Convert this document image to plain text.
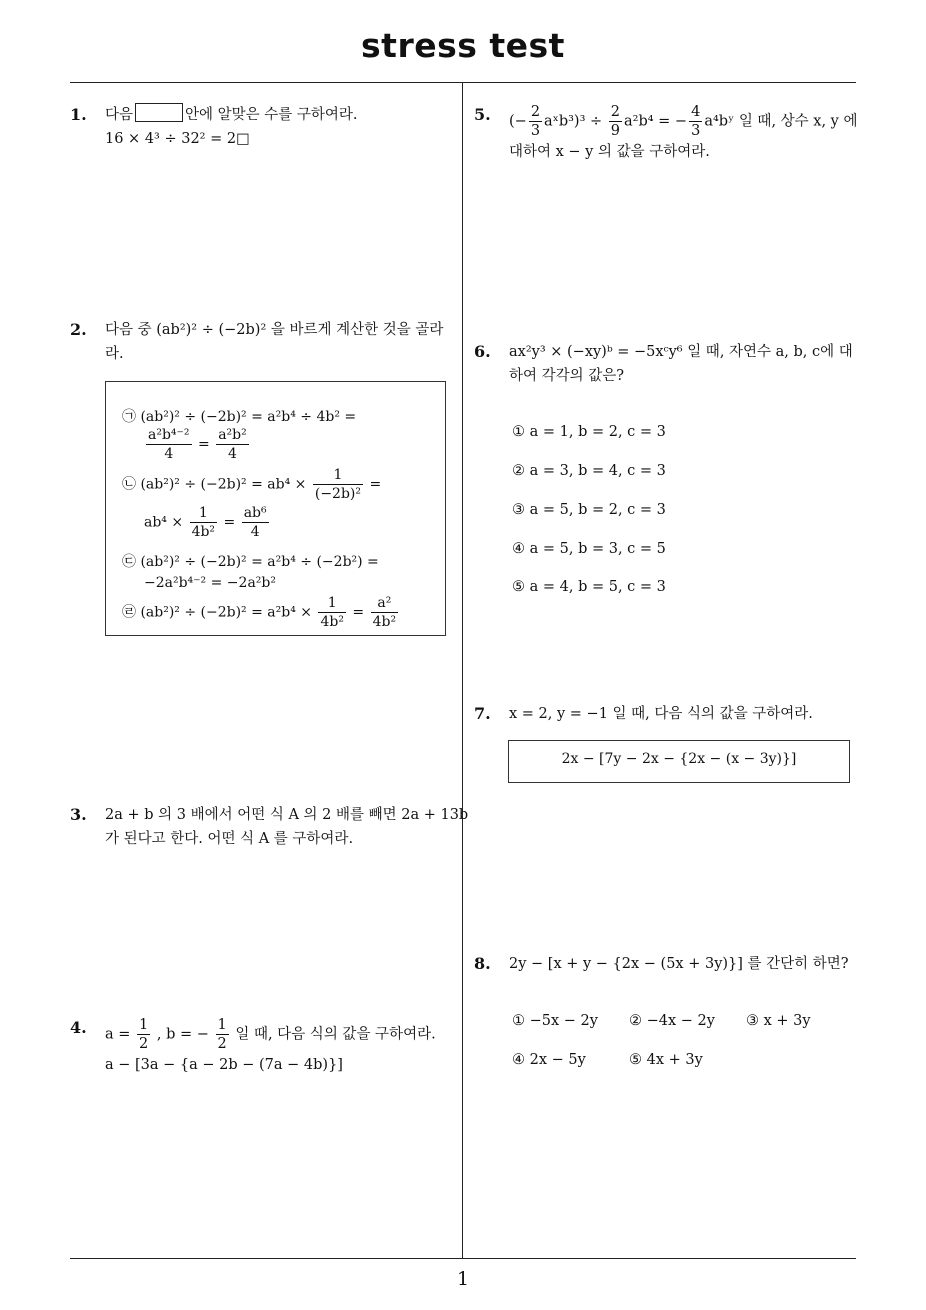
stress test
1. 다음	안에 알맞은 수를 구하여라.
16 × 4³ ÷ 32² = 2□
2. 다음 중 (ab²)² ÷ (−2b)² 을 바르게 계산한 것을 골라
라.
㉠ (ab²)² ÷ (−2b)² = a²b⁴ ÷ 4b² =
$\frac{\text{a²b⁴⁻²}}{4} = \frac{\text{a²b²}}{4}$
㉡ $(ab^2)^2 \div (-2b)^2 = ab^4 \times \frac{1}{\text{(−2b)²}}$ =
$ab^4 \times \frac{1}{\text{4b²}} = \frac{\text{ab⁶}}{4}$
㉢ (ab²)² ÷ (−2b)² = a²b⁴ ÷ (−2b²) =
−2a²b⁴⁻² = −2a²b²
㉣ $(ab^2)^2 \div (-2b)^2 = a^2b^4 \times \frac{1}{\text{4b²}} = \frac{\text{a²}}{\text{4b²}}$
3. 2a + b 의 3 배에서 어떤 식 A 의 2 배를 빼면 2a + 13b
가 된다고 한다. 어떤 식 A 를 구하여라.
4. $a = \frac{1}{2}$ , b = − $\frac{1}{2}$ 일 때, 다음 식의 값을 구하여라.
a − [3a − {a − 2b − (7a − 4b)}]
5. (− $\frac{2}{3}$ aˣb³)³ ÷ $\frac{2}{9} a^2b^4$ = − $\frac{4}{3}$ a⁴bʸ 일 때, 상수 x, y 에
대하여 x − y 의 값을 구하여라.
6. ax²y³ × (−xy)ᵇ = −5xᶜy⁶ 일 때, 자연수 a, b, c에 대
하여 각각의 값은?
① a = 1, b = 2, c = 3
② a = 3, b = 4, c = 3
③ a = 5, b = 2, c = 3
④ a = 5, b = 3, c = 5
⑤ a = 4, b = 5, c = 3
7. x = 2, y = −1 일 때, 다음 식의 값을 구하여라.
2x − [7y − 2x − {2x − (x − 3y)}]
8. 2y − [x + y − {2x − (5x + 3y)}] 를 간단히 하면?
① −5x − 2y ② −4x − 2y ③ x + 3y
④ 2x − 5y	⑤ 4x + 3y
1
